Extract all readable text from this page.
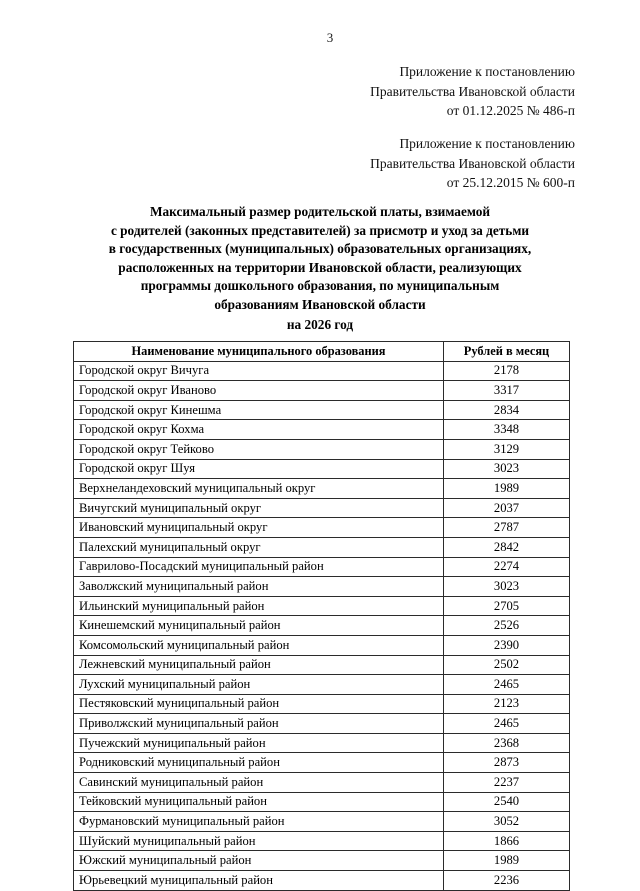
3
Приложение к постановлению
Правительства Ивановской области
от 01.12.2025 № 486-п
Приложение к постановлению
Правительства Ивановской области
от 25.12.2015 № 600-п
Максимальный размер родительской платы, взимаемой
с родителей (законных представителей) за присмотр и уход за детьми
в государственных (муниципальных) образовательных организациях,
расположенных на территории Ивановской области, реализующих
программы дошкольного образования, по муниципальным
образованиям Ивановской области
на 2026 год
Наименование муниципального образования	Рублей в месяц
Городской округ Вичуга	2178
Городской округ Иваново	3317
Городской округ Кинешма	2834
Городской округ Кохма	3348
Городской округ Тейково	3129
Городской округ Шуя	3023
Верхнеландеховский муниципальный округ	1989
Вичугский муниципальный округ	2037
Ивановский муниципальный округ	2787
Палехский муниципальный округ	2842
Гаврилово-Посадский муниципальный район	2274
Заволжский муниципальный район	3023
Ильинский муниципальный район	2705
Кинешемский муниципальный район	2526
Комсомольский муниципальный район	2390
Лежневский муниципальный район	2502
Лухский муниципальный район	2465
Пестяковский муниципальный район	2123
Приволжский муниципальный район	2465
Пучежский муниципальный район	2368
Родниковский муниципальный район	2873
Савинский муниципальный район	2237
Тейковский муниципальный район	2540
Фурмановский муниципальный район	3052
Шуйский муниципальный район	1866
Южский муниципальный район	1989
Юрьевецкий муниципальный район	2236
